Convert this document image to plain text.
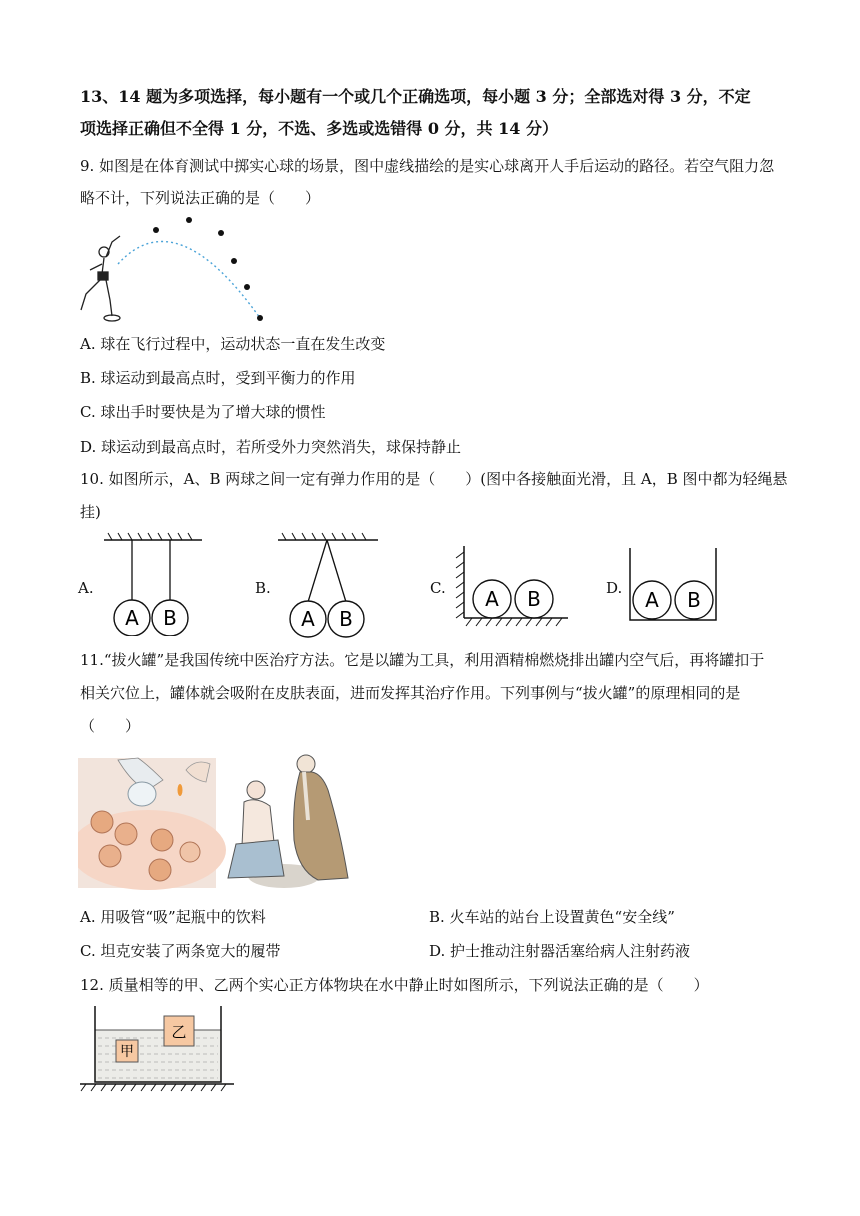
13、14 题为多项选择，每小题有一个或几个正确选项，每小题 3 分；全部选对得 3 分，不定
项选择正确但不全得 1 分，不选、多选或选错得 0 分，共 14 分）
9. 如图是在体育测试中掷实心球的场景，图中虚线描绘的是实心球离开人手后运动的路径。若空气阻力忽
略不计，下列说法正确的是（　　）
A. 球在飞行过程中，运动状态一直在发生改变
B. 球运动到最高点时，受到平衡力的作用
C. 球出手时要快是为了增大球的惯性
D. 球运动到最高点时，若所受外力突然消失，球保持静止
10. 如图所示，A、B 两球之间一定有弹力作用的是（　　）(图中各接触面光滑，且 A，B 图中都为轻绳悬
挂)
A.
A B
B.
A B
C. A B	D. A B
11.“拔火罐”是我国传统中医治疗方法。它是以罐为工具，利用酒精棉燃烧排出罐内空气后，再将罐扣于
相关穴位上，罐体就会吸附在皮肤表面，进而发挥其治疗作用。下列事例与“拔火罐”的原理相同的是
（　　）
A. 用吸管“吸”起瓶中的饮料	B. 火车站的站台上设置黄色“安全线”
C. 坦克安装了两条宽大的履带	D. 护士推动注射器活塞给病人注射药液
12. 质量相等的甲、乙两个实心正方体物块在水中静止时如图所示，下列说法正确的是（　　）
甲
乙
